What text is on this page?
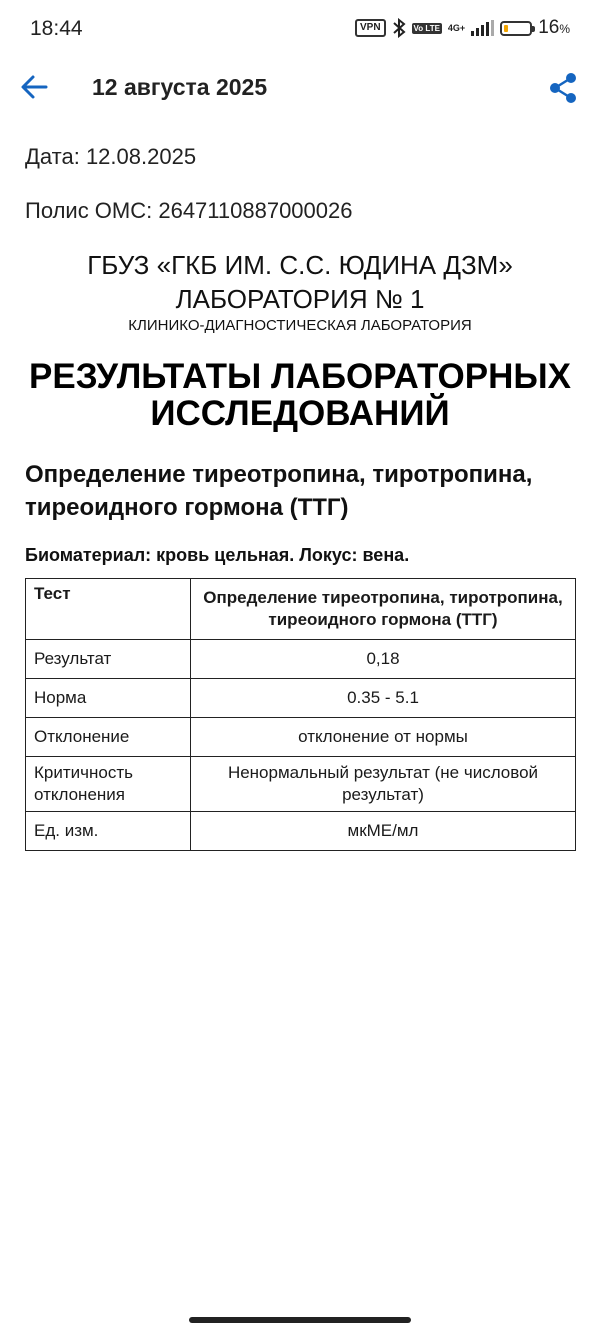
18:44	VPN	Vo LTE 4G+	16%
12 августа 2025
Дата: 12.08.2025
Полис ОМС: 2647110887000026
ГБУЗ «ГКБ ИМ. С.С. ЮДИНА ДЗМ»
ЛАБОРАТОРИЯ № 1
КЛИНИКО-ДИАГНОСТИЧЕСКАЯ ЛАБОРАТОРИЯ
РЕЗУЛЬТАТЫ ЛАБОРАТОРНЫХ ИССЛЕДОВАНИЙ
Определение тиреотропина, тиротропина, тиреоидного гормона (ТТГ)
Биоматериал: кровь цельная. Локус: вена.
Тест	Определение тиреотропина, тиротропина, тиреоидного гормона (ТТГ)
Результат	0,18
Норма	0.35 - 5.1
Отклонение	отклонение от нормы
Критичность отклонения	Ненормальный результат (не числовой результат)
Ед. изм.	мкМЕ/мл
